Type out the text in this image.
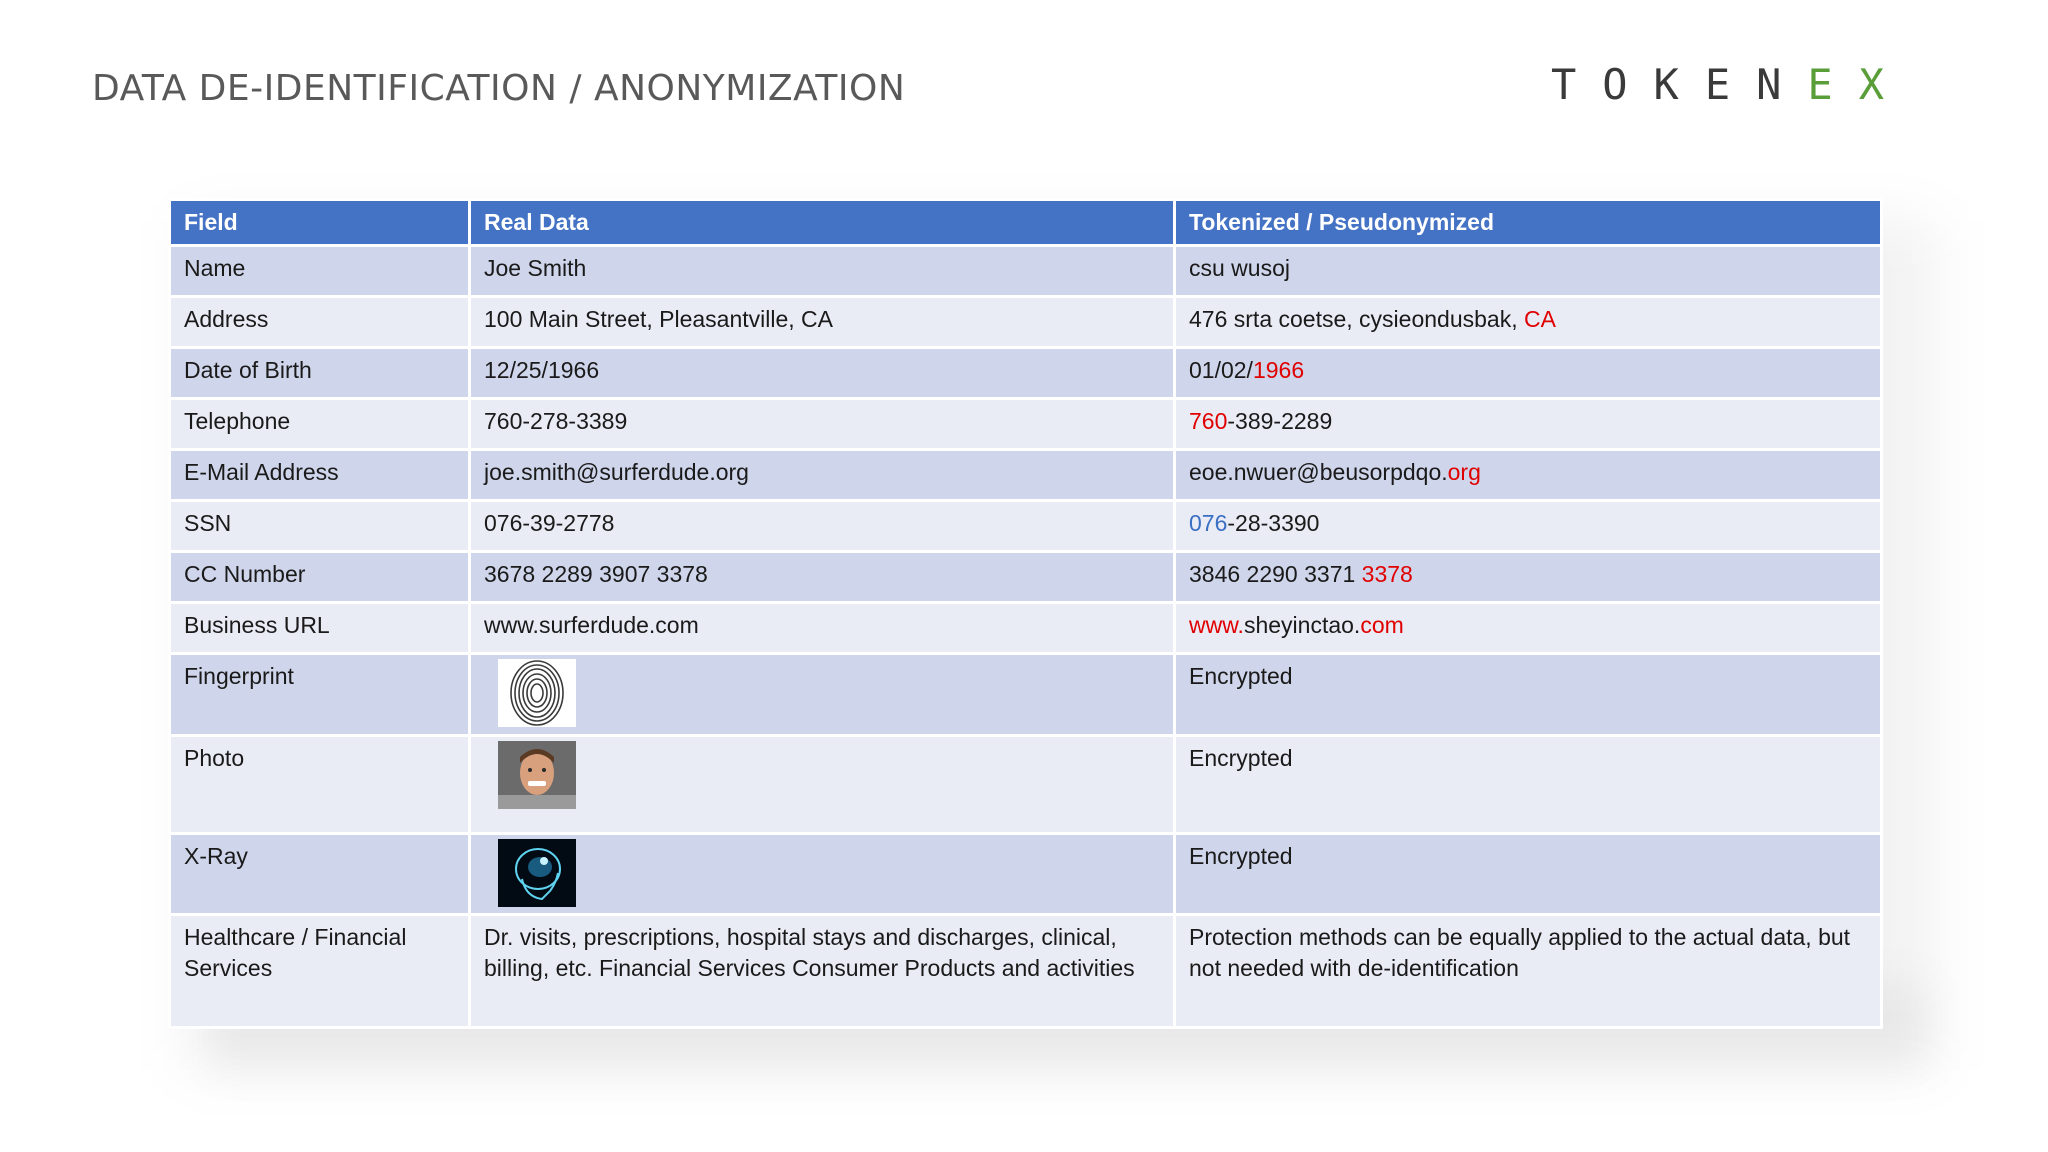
DATA DE-IDENTIFICATION / ANONYMIZATION	TOKENEX
Field	Real Data	Tokenized / Pseudonymized
Name	Joe Smith	csu wusoj
Address	100 Main Street, Pleasantville, CA	476 srta coetse, cysieondusbak, CA
Date of Birth	12/25/1966	01/02/1966
Telephone	760-278-3389	760-389-2289
E-Mail Address	joe.smith@surferdude.org	eoe.nwuer@beusorpdqo.org
SSN	076-39-2778	076-28-3390
CC Number	3678 2289 3907 3378	3846 2290 3371 3378
Business URL	www.surferdude.com	www.sheyinctao.com
Fingerprint		Encrypted
Photo		Encrypted
X-Ray		Encrypted
Healthcare / Financial Services	Dr. visits, prescriptions, hospital stays and discharges, clinical, billing, etc. Financial Services Consumer Products and activities	Protection methods can be equally applied to the actual data, but not needed with de-identification
